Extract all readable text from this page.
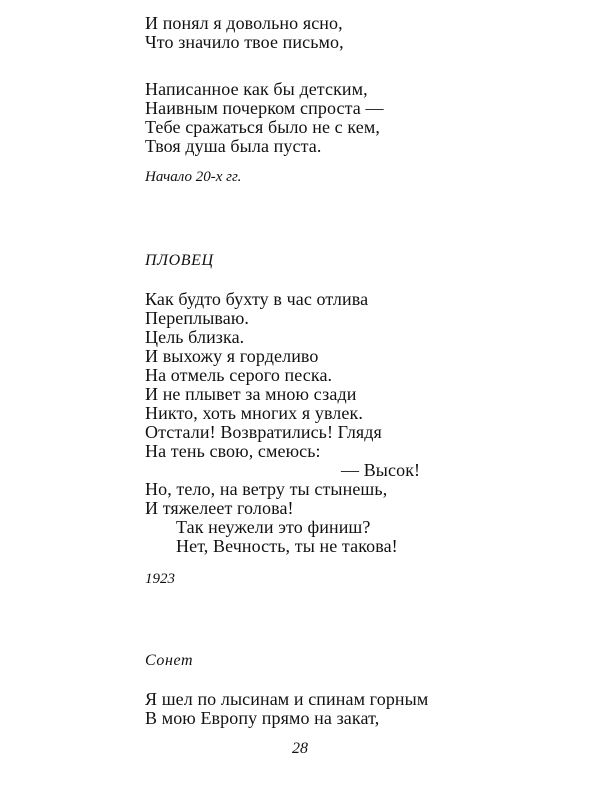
И понял я довольно ясно,
Что значило твое письмо,
Написанное как бы детским,
Наивным почерком спроста —
Тебе сражаться было не с кем,
Твоя душа была пуста.
Начало 20-х гг.
ПЛОВЕЦ
Как будто бухту в час отлива
Переплываю.
Цель близка.
И выхожу я горделиво
На отмель серого песка.
И не плывет за мною сзади
Никто, хоть многих я увлек.
Отстали! Возвратились! Глядя
На тень свою, смеюсь:
— Высок!
Но, тело, на ветру ты стынешь,
И тяжелеет голова!
Так неужели это финиш?
Нет, Вечность, ты не такова!
1923
Сонет
Я шел по лысинам и спинам горным
В мою Европу прямо на закат,
28
